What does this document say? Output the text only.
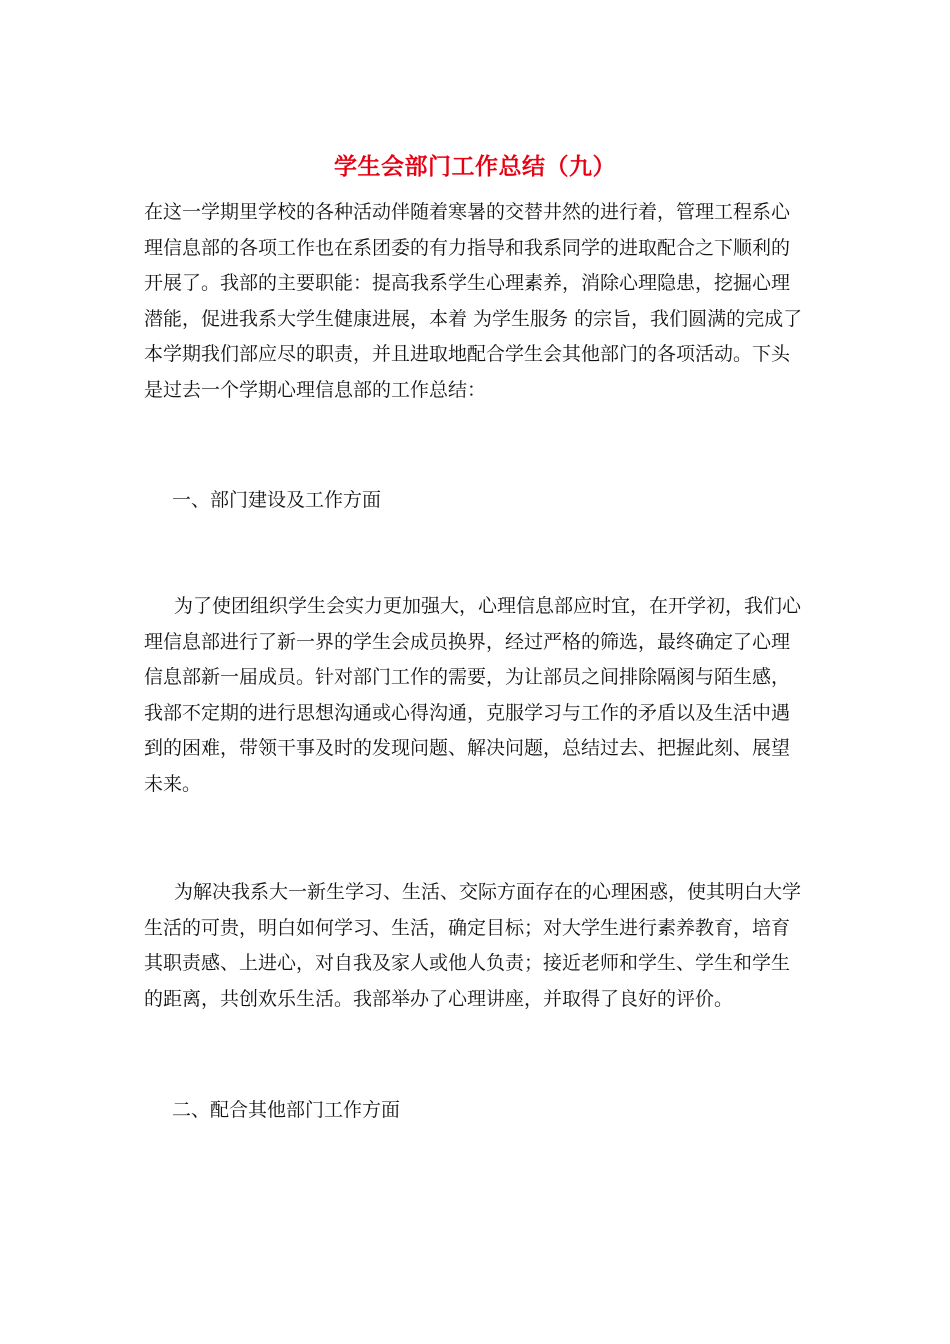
学生会部门工作总结（九）

在这一学期里学校的各种活动伴随着寒暑的交替井然的进行着，管理工程系心理信息部的各项工作也在系团委的有力指导和我系同学的进取配合之下顺利的开展了。我部的主要职能：提高我系学生心理素养，消除心理隐患，挖掘心理潜能，促进我系大学生健康进展，本着 为学生服务 的宗旨，我们圆满的完成了本学期我们部应尽的职责，并且进取地配合学生会其他部门的各项活动。下头是过去一个学期心理信息部的工作总结：

一、部门建设及工作方面

为了使团组织学生会实力更加强大，心理信息部应时宜，在开学初，我们心理信息部进行了新一界的学生会成员换界，经过严格的筛选，最终确定了心理信息部新一届成员。针对部门工作的需要，为让部员之间排除隔阂与陌生感，我部不定期的进行思想沟通或心得沟通，克服学习与工作的矛盾以及生活中遇到的困难，带领干事及时的发现问题、解决问题，总结过去、把握此刻、展望未来。

为解决我系大一新生学习、生活、交际方面存在的心理困惑，使其明白大学生活的可贵，明白如何学习、生活，确定目标；对大学生进行素养教育，培育其职责感、上进心，对自我及家人或他人负责；接近老师和学生、学生和学生的距离，共创欢乐生活。我部举办了心理讲座，并取得了良好的评价。

二、配合其他部门工作方面
